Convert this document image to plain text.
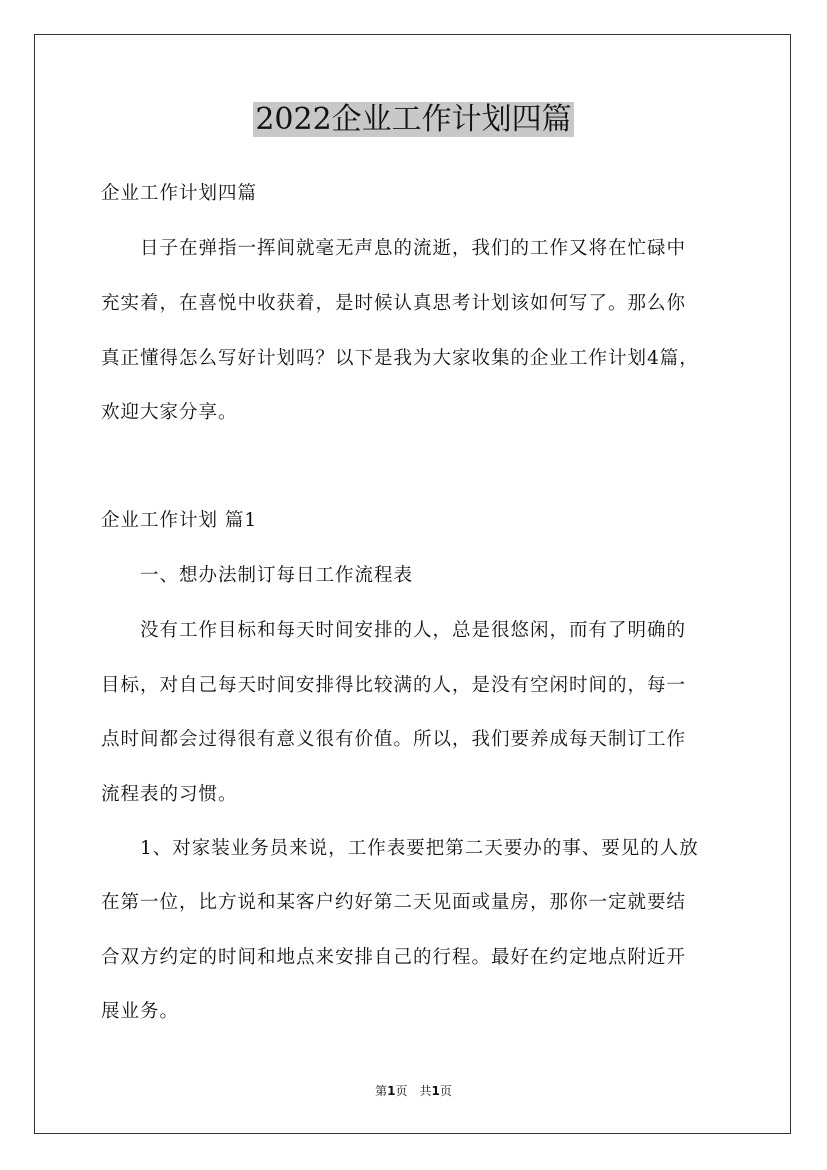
2022企业工作计划四篇
企业工作计划四篇
　　日子在弹指一挥间就毫无声息的流逝，我们的工作又将在忙碌中
充实着，在喜悦中收获着，是时候认真思考计划该如何写了。那么你
真正懂得怎么写好计划吗？以下是我为大家收集的企业工作计划4篇，
欢迎大家分享。
企业工作计划 篇1
　　一、想办法制订每日工作流程表
　　没有工作目标和每天时间安排的人，总是很悠闲，而有了明确的
目标，对自己每天时间安排得比较满的人，是没有空闲时间的，每一
点时间都会过得很有意义很有价值。所以，我们要养成每天制订工作
流程表的习惯。
　　1、对家装业务员来说，工作表要把第二天要办的事、要见的人放
在第一位，比方说和某客户约好第二天见面或量房，那你一定就要结
合双方约定的时间和地点来安排自己的行程。最好在约定地点附近开
展业务。
第1页　共1页
